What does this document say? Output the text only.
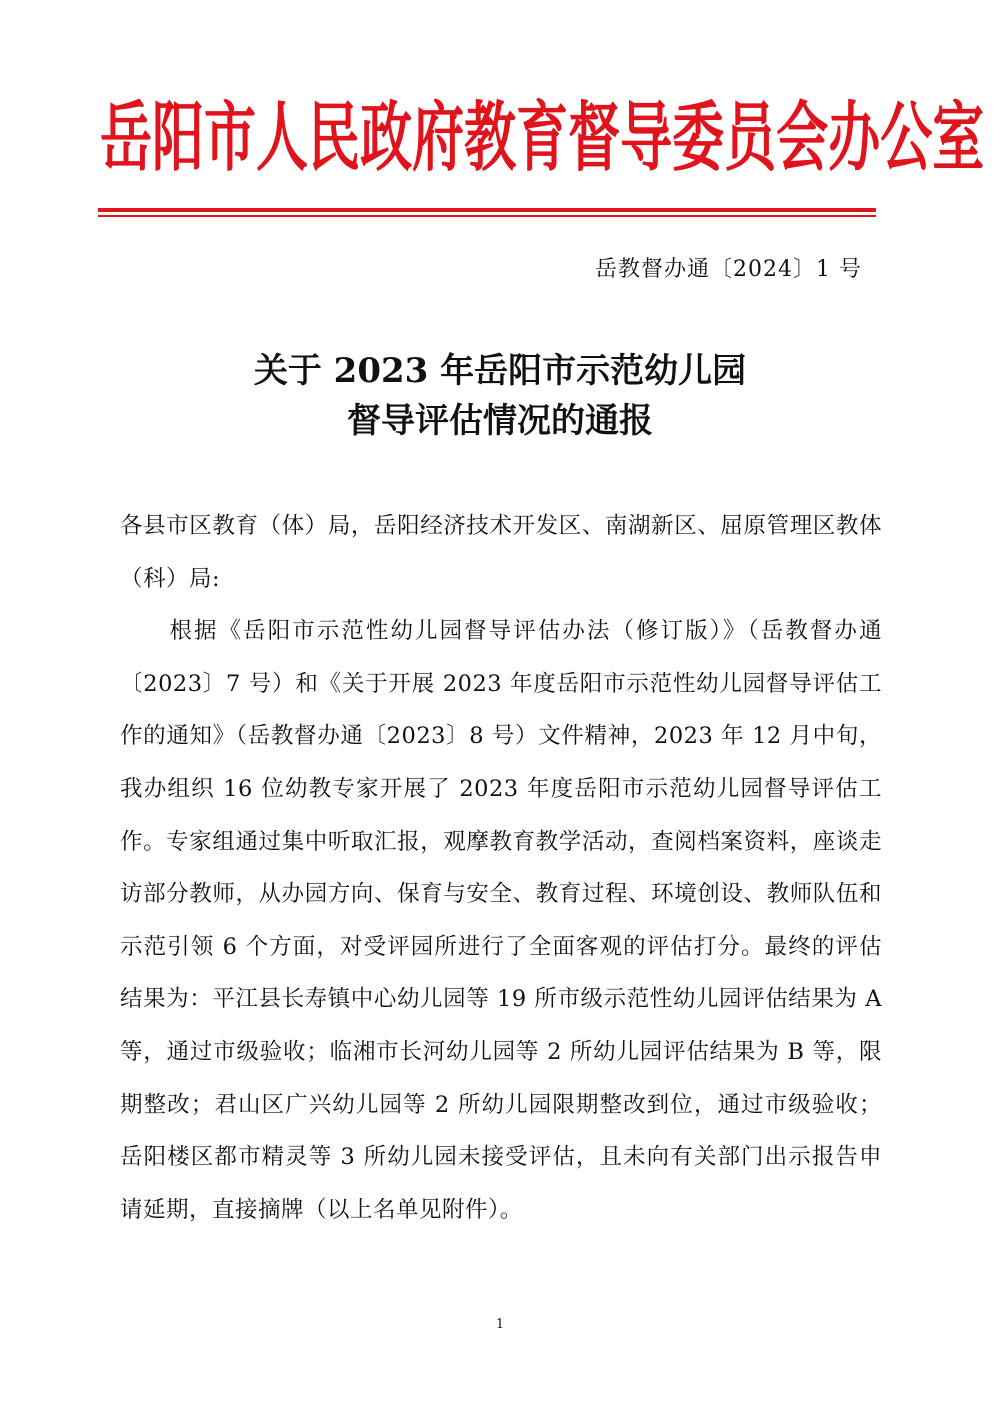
岳 阳 市 人 民 政 府 教 育 督 导 委 员 会 办 公 室
岳教督办通〔2024〕1 号
关于 2023 年岳阳市示范幼儿园
督导评估情况的通报

各县市区教育（体）局，岳阳经济技术开发区、南湖新区、屈原管理区教体（科）局:

根据《岳阳市示范性幼儿园督导评估办法（修订版）》（岳教督办通〔2023〕7 号）和《关于开展 2023 年度岳阳市示范性幼儿园督导评估工作的通知》（岳教督办通〔2023〕8 号）文件精神，2023 年 12 月中旬，我办组织 16 位幼教专家开展了 2023 年度岳阳市示范幼儿园督导评估工作。专家组通过集中听取汇报，观摩教育教学活动，查阅档案资料，座谈走访部分教师，从办园方向、保育与安全、教育过程、环境创设、教师队伍和示范引领 6 个方面，对受评园所进行了全面客观的评估打分。最终的评估结果为：平江县长寿镇中心幼儿园等 19 所市级示范性幼儿园评估结果为 A 等，通过市级验收；临湘市长河幼儿园等 2 所幼儿园评估结果为 B 等，限期整改；君山区广兴幼儿园等 2 所幼儿园限期整改到位，通过市级验收；岳阳楼区都市精灵等 3 所幼儿园未接受评估，且未向有关部门出示报告申请延期，直接摘牌（以上名单见附件）。

1
